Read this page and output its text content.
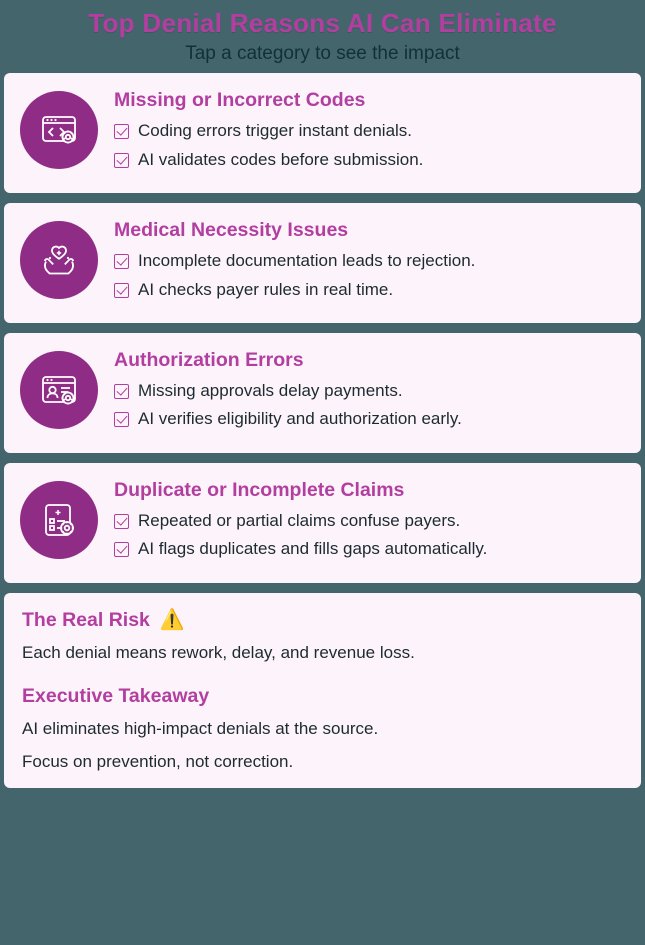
Top Denial Reasons AI Can Eliminate
Tap a category to see the impact
Missing or Incorrect Codes
Coding errors trigger instant denials.
AI validates codes before submission.
Medical Necessity Issues
Incomplete documentation leads to rejection.
AI checks payer rules in real time.
Authorization Errors
Missing approvals delay payments.
AI verifies eligibility and authorization early.
Duplicate or Incomplete Claims
Repeated or partial claims confuse payers.
AI flags duplicates and fills gaps automatically.
The Real Risk ⚠️
Each denial means rework, delay, and revenue loss.
Executive Takeaway
AI eliminates high-impact denials at the source.
Focus on prevention, not correction.
